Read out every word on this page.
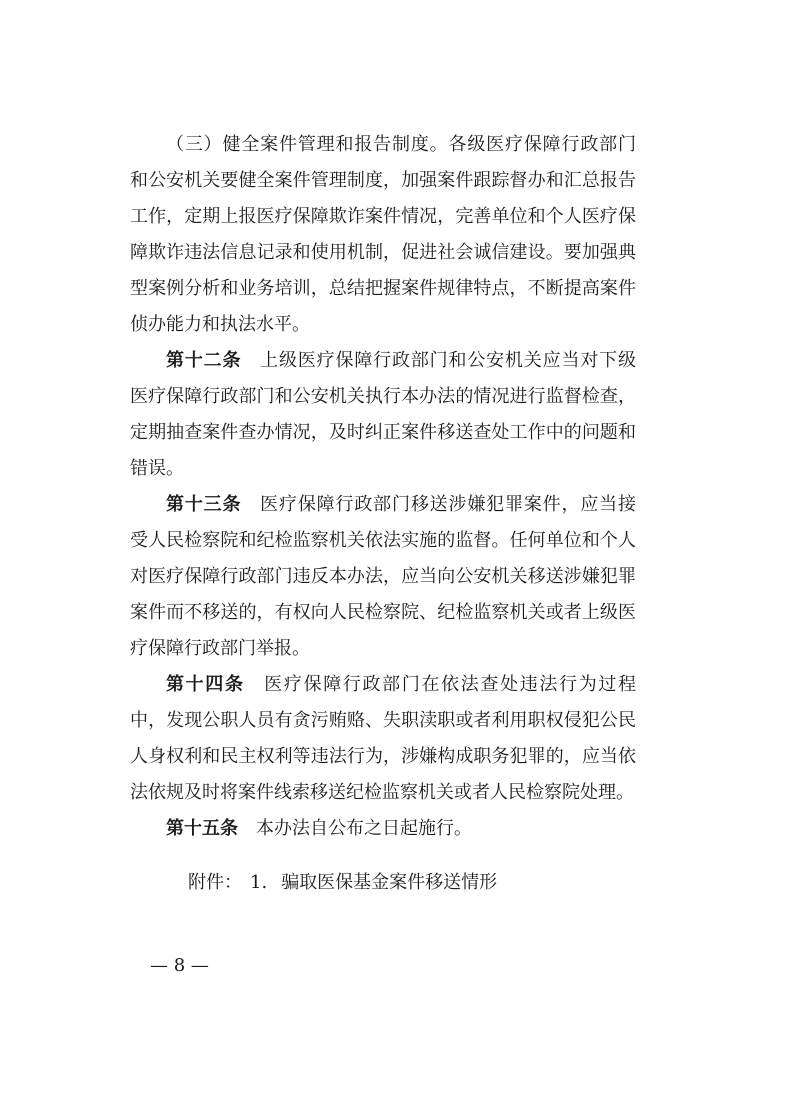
（三）健全案件管理和报告制度。各级医疗保障行政部门
和公安机关要健全案件管理制度，加强案件跟踪督办和汇总报告
工作，定期上报医疗保障欺诈案件情况，完善单位和个人医疗保
障欺诈违法信息记录和使用机制，促进社会诚信建设。要加强典
型案例分析和业务培训，总结把握案件规律特点，不断提高案件
侦办能力和执法水平。
第十二条 上级医疗保障行政部门和公安机关应当对下级
医疗保障行政部门和公安机关执行本办法的情况进行监督检查，
定期抽查案件查办情况，及时纠正案件移送查处工作中的问题和
错误。
第十三条 医疗保障行政部门移送涉嫌犯罪案件，应当接
受人民检察院和纪检监察机关依法实施的监督。任何单位和个人
对医疗保障行政部门违反本办法，应当向公安机关移送涉嫌犯罪
案件而不移送的，有权向人民检察院、纪检监察机关或者上级医
疗保障行政部门举报。
第十四条 医疗保障行政部门在依法查处违法行为过程
中，发现公职人员有贪污贿赂、失职渎职或者利用职权侵犯公民
人身权利和民主权利等违法行为，涉嫌构成职务犯罪的，应当依
法依规及时将案件线索移送纪检监察机关或者人民检察院处理。
第十五条 本办法自公布之日起施行。
附件： 1. 骗取医保基金案件移送情形
— 8 —
